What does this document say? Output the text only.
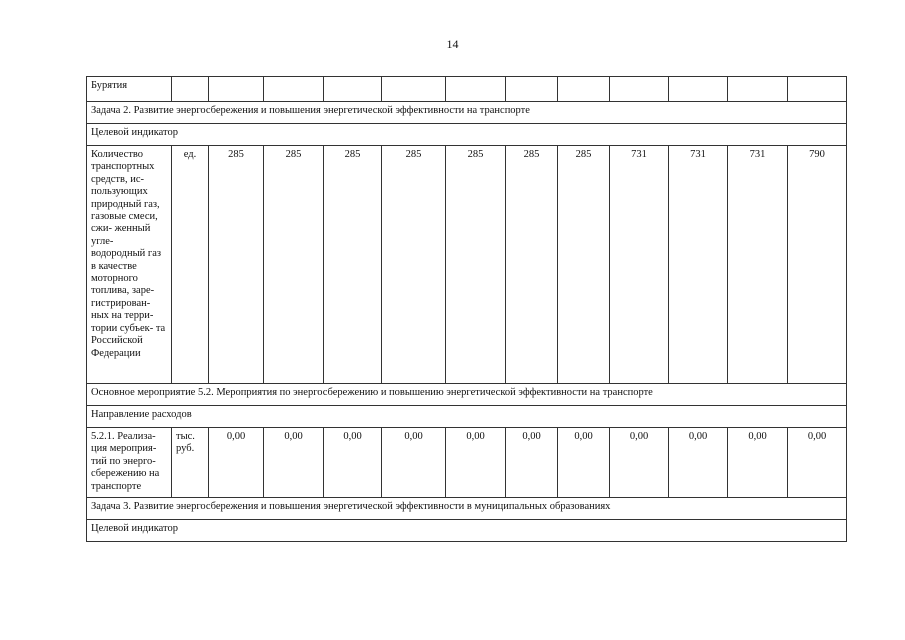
14
Бурятия												
Задача 2. Развитие энергосбережения и повышения энергетической эффективности на транспорте												
Целевой индикатор												
Количество транспортных средств, ис- пользующих природный газ, газовые смеси, сжи- женный угле- водородный газ в качестве моторного топлива, заре- гистрирован- ных на терри- тории субъек- та Российской Федерации	ед.	285	285	285	285	285	285	285	731	731	731	790
Основное мероприятие 5.2. Мероприятия по энергосбережению и повышению энергетической эффективности на транспорте												
Направление расходов												
5.2.1. Реализа- ция мероприя- тий по энерго- сбережению на транспорте	тыс. руб.	0,00	0,00	0,00	0,00	0,00	0,00	0,00	0,00	0,00	0,00	0,00
Задача 3. Развитие энергосбережения и повышения энергетической эффективности в муниципальных образованиях												
Целевой индикатор												
